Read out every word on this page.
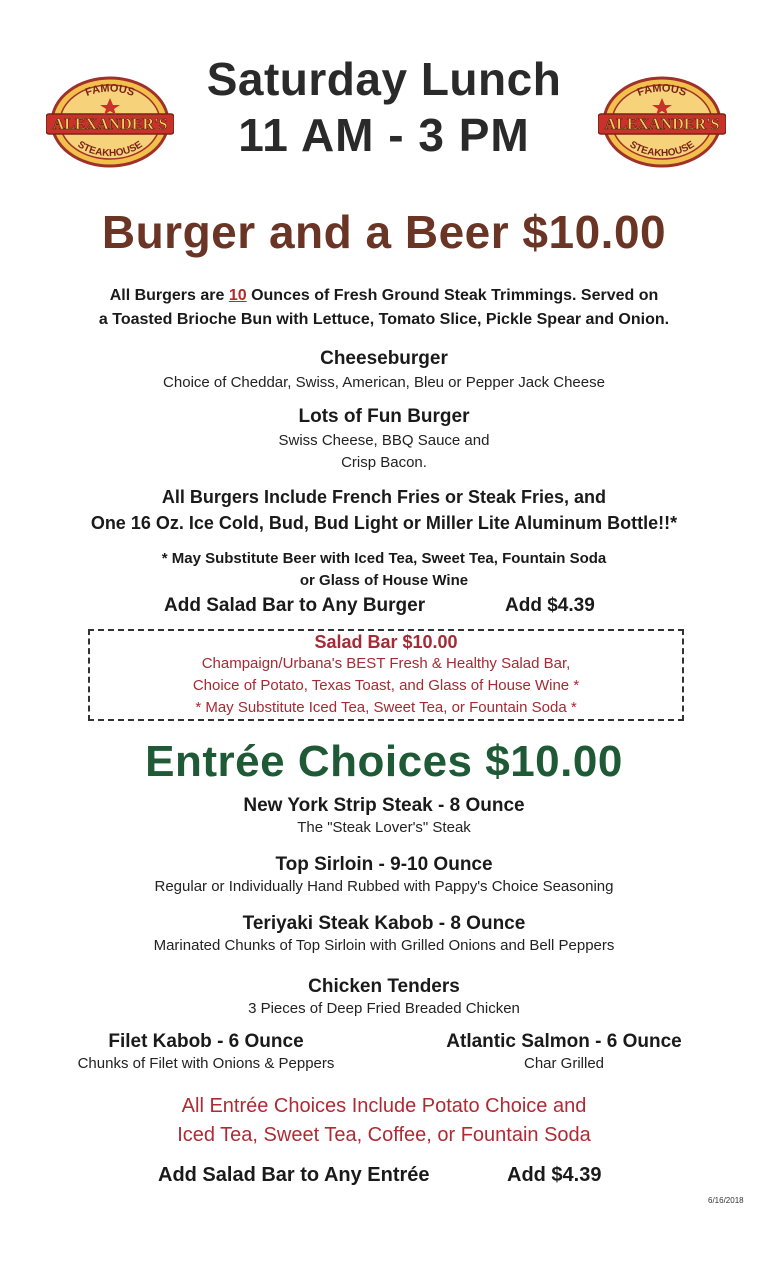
FAMOUS
STEAKHOUSE
ALEXANDER'S
FAMOUS
STEAKHOUSE
ALEXANDER'S
Saturday Lunch
11 AM - 3 PM
Burger and a Beer $10.00
All Burgers are 10 Ounces of Fresh Ground Steak Trimmings. Served on
a Toasted Brioche Bun with Lettuce, Tomato Slice, Pickle Spear and Onion.
Cheeseburger
Choice of Cheddar, Swiss, American, Bleu or Pepper Jack Cheese
Lots of Fun Burger
Swiss Cheese, BBQ Sauce and
Crisp Bacon.
All Burgers Include French Fries or Steak Fries, and
One 16 Oz. Ice Cold, Bud, Bud Light or Miller Lite Aluminum Bottle!!*
* May Substitute Beer with Iced Tea, Sweet Tea, Fountain Soda
or Glass of House Wine
Add Salad Bar to Any Burger	Add $4.39
Salad Bar $10.00
Champaign/Urbana's BEST Fresh & Healthy Salad Bar,
Choice of Potato, Texas Toast, and Glass of House Wine *
* May Substitute Iced Tea, Sweet Tea, or Fountain Soda *
Entrée Choices $10.00
New York Strip Steak - 8 Ounce
The "Steak Lover's" Steak
Top Sirloin - 9-10 Ounce
Regular or Individually Hand Rubbed with Pappy's Choice Seasoning
Teriyaki Steak Kabob - 8 Ounce
Marinated Chunks of Top Sirloin with Grilled Onions and Bell Peppers
Chicken Tenders
3 Pieces of Deep Fried Breaded Chicken
Filet Kabob - 6 Ounce
Chunks of Filet with Onions & Peppers
Atlantic Salmon - 6 Ounce
Char Grilled
All Entrée Choices Include Potato Choice and
Iced Tea, Sweet Tea, Coffee, or Fountain Soda
Add Salad Bar to Any Entrée	Add $4.39
6/16/2018
